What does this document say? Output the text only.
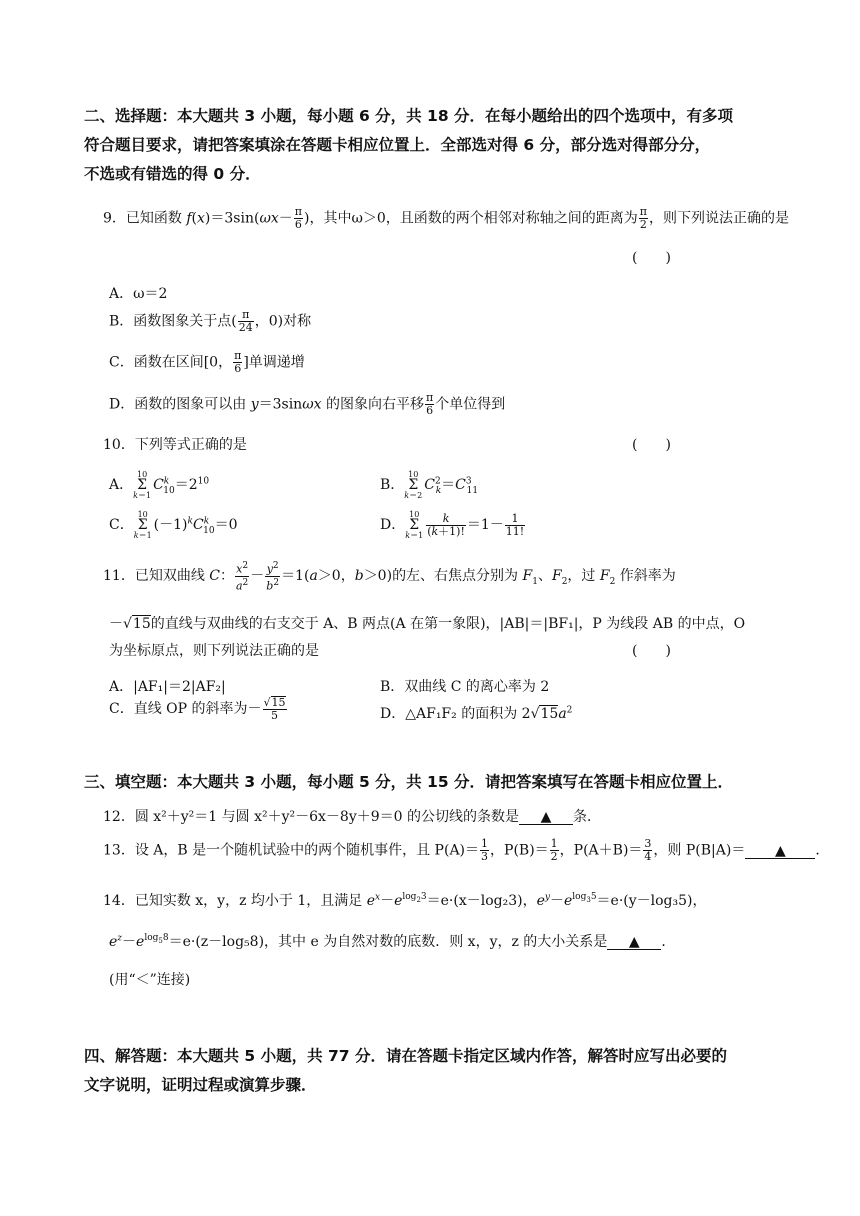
二、选择题：本大题共 3 小题，每小题 6 分，共 18 分．在每小题给出的四个选项中，有多项
符合题目要求，请把答案填涂在答题卡相应位置上．全部选对得 6 分，部分选对得部分分，
不选或有错选的得 0 分．
9．已知函数 $f(x)=3\sin(\omega x- \frac{\pi}{6}$ )，其中ω＞0，且函数的两个相邻对称轴之间的距离为 $\frac{\pi}{2}$ ，则下列说法正确的是
(　　)
A．ω＝2
B．函数图象关于点( $\frac{\pi}{24}$ ，0)对称
C．函数在区间[0， $\frac{\pi}{6}$ ]单调递增
D．函数的图象可以由 y＝3sinωx 的图象向右平移 $\frac{\pi}{6}$ 个单位得到
10．下列等式正确的是	(　　)
A．10
Σ
$k=1C^k_{10}=2^{10}$	B．10
Σ
$k=2C^2_k=C^3_{11}$
C．10
Σ
$k=1(-1)^kC^k_{10}=0$	D．10
Σ
$k=1 \frac{k}{(k+1)!} =1- \frac{1}{11!}$
11．已知双曲线 C： $\frac{x^2}{a^2} - \frac{y^2}{b^2} =1(a>0$，b＞0)的左、右焦点分别为 $F_1$、$F_2$，过 $F_2$ 作斜率为
－√15的直线与双曲线的右支交于 A、B 两点(A 在第一象限)，|AB|＝|BF₁|，P 为线段 AB 的中点，O
为坐标原点，则下列说法正确的是	(　　)
A．|AF₁|＝2|AF₂|	B．双曲线 C 的离心率为 2
C．直线 OP 的斜率为－ $\frac{√15}{5}$	D．△AF₁F₂ 的面积为 $2√15a^2$
三、填空题：本大题共 3 小题，每小题 5 分，共 15 分．请把答案填写在答题卡相应位置上．
12．圆 x²＋y²＝1 与圆 x²＋y²－6x－8y＋9＝0 的公切线的条数是 ▲ 条．
13．设 A，B 是一个随机试验中的两个随机事件，且 $P(A)= \frac{1}{3}$ ，$P(B)= \frac{1}{2}$ ，$P(A+B)= \frac{3}{4}$ ，则 P(B|A)＝ ▲ ．
14．已知实数 x，y，z 均小于 1，且满足 $e^x-e^{log_23}=e\cdot(x-\log_23)$，$e^y-e^{log_35}=e\cdot(y-\log_35)$，
$e^z-e^{log_58}=e\cdot(z-\log_58)$，其中 e 为自然对数的底数．则 x，y，z 的大小关系是 ▲ ．
(用“＜”连接)
四、解答题：本大题共 5 小题，共 77 分．请在答题卡指定区域内作答，解答时应写出必要的
文字说明，证明过程或演算步骤．
